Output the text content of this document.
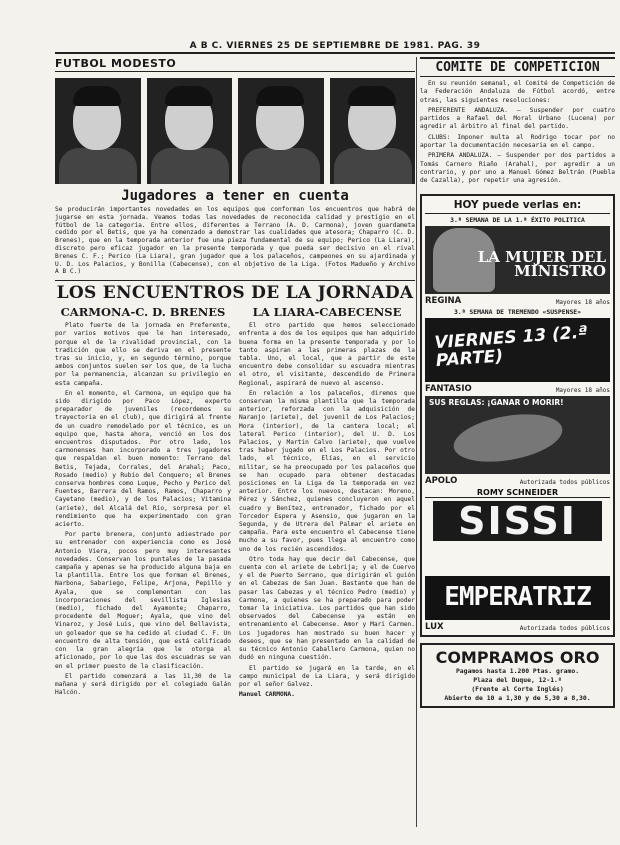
A B C. VIERNES 25 DE SEPTIEMBRE DE 1981. PAG. 39
FUTBOL MODESTO
Jugadores a tener en cuenta
Se producirán importantes novedades en los equipos que conforman los encuentros que habrá de jugarse en esta jornada. Veamos todas las novedades de reconocida calidad y prestigio en el fútbol de la categoría. Entre ellos, diferentes a Terrano (A. D. Carmona), joven guardameta cedido por el Betis, que ya ha comenzado a demostrar las cualidades que atesora; Chaparro (C. D. Brenes), que en la temporada anterior fue una pieza fundamental de su equipo; Perico (La Liara), discreto pero eficaz jugador en la presente temporada y que pueda ser decisivo en el rival Brenes C. F.; Perico (La Liara), gran jugador que a los palaceños, campeones en su ajardinada y U. D. Los Palacios, y Bonilla (Cabecense), con el objetivo de la Liga. (Fotos Madueño y Archivo A B C.)
LOS ENCUENTROS DE LA JORNADA
CARMONA-C. D. BRENES

Plato fuerte de la jornada en Preferente, por varios motivos que le han interesado, porque el de la rivalidad provincial, con la tradición que ello se deriva en el presente tras su inicio, y, en segundo término, porque ambos conjuntos suelen ser los que, de la lucha por la permanencia, alcanzan su privilegio en esta campaña.

En el momento, el Carmona, un equipo que ha sido dirigido por Paco López, experto preparador de juveniles (recordemos su trayectoria en el club), que dirigirá al frente de un cuadro remodelado por el técnico, es un equipo que, hasta ahora, venció en los dos encuentros disputados. Por otro lado, los carmonenses han incorporado a tres jugadores que respaldan el buen momento: Terrano del Betis, Tejada, Corrales, del Arahal; Paco, Rosado (medio) y Rubio del Conquero; el Brenes conserva hombres como Luque, Pecho y Perico del Fuentes, Barrera del Ramos, Ramos, Chaparro y Cayetano (medio), y de los Palacios; Vitamina (ariete), del Alcalá del Río, sorpresa por el rendimiento que ha experimentado con gran acierto.

Por parte brenera, conjunto adiestrado por su entrenador con experiencia como es José Antonio Viera, pocos pero muy interesantes novedades. Conservan los puntales de la pasada campaña y apenas se ha producido alguna baja en la plantilla. Entre los que forman el Brenes, Narbona, Sabariego, Felipe, Arjona, Pepillo y Ayala, que se complementan con las incorporaciones del sevillista Iglesias (medio), fichado del Ayamonte; Chaparro, procedente del Moguer; Ayala, que vino del Vinaroz, y José Luis, que vino del Bellavista, un goleador que se ha cedido al ciudad C. F. Un encuentro de alta tensión, que está calificado con la gran alegría que le otorga al aficionado, por lo que las dos escuadras se van en el primer puesto de la clasificación.

El partido comenzará a las 11,30 de la mañana y será dirigido por el colegiado Galán Halcón.

LA LIARA-CABECENSE

El otro partido que hemos seleccionado enfrenta a dos de los equipos que han adquirido buena forma en la presente temporada y por lo tanto aspiran a las primeras plazas de la tabla. Uno, el local, que a partir de este encuentro debe consolidar su escuadra mientras el otro, el visitante, descendido de Primera Regional, aspirará de nuevo al ascenso.

En relación a los palaceños, diremos que conservan la misma plantilla que la temporada anterior, reforzada con la adquisición de Naranjo (ariete), del juvenil de Los Palacios; Mora (interior), de la cantera local; el lateral Perico (interior), del U. D. Los Palacios, y Martin Calvo (ariete), que vuelve tras haber jugado en el Los Palacios. Por otro lado, el técnico, Elías, en el servicio militar, se ha preocupado por los palaceños que se han ocupado para obtener destacadas posiciones en la Liga de la temporada en vez anterior. Entre los nuevos, destacan: Moreno, Pérez y Sánchez, quienes concluyeron en aquel cuadro y Benítez, entrenador, fichado por el Torcedor Espera y Asensio, que jugaron en la Segunda, y de Utrera del Palmar el ariete en campaña. Para este encuentro el Cabecense tiene mucho a su favor, pues llega al encuentro como uno de los recién ascendidos.

Otro toda hay que decir del Cabecense, que cuenta con el ariete de Lebrija; y el de Cuervo y el de Puerto Serrano, que dirigirán el guión en el Cabezas de San Juan. Bastante que han de pasar las Cabezas y el técnico Pedro (medio) y Carmona, a quienes se ha preparado para poder tomar la iniciativa. Los partidos que han sido observados del Cabecense ya están en entrenamiento el Cabecense. Amor y Mari Carmen. Los jugadores han mostrado su buen hacer y deseos, que se han presentado en la calidad de su técnico Antonio Caballero Carmona, quien no dudó en ninguna cuestión.

El partido se jugará en la tarde, en el campo municipal de La Liara, y será dirigido por el señor Galvez.

Manuel CARMONA.
COMITE DE COMPETICION

En su reunión semanal, el Comité de Competición de la Federación Andaluza de Fútbol acordó, entre otras, las siguientes resoluciones:

PREFERENTE ANDALUZA. — Suspender por cuatro partidos a Rafael del Moral Urbano (Lucena) por agredir al árbitro al final del partido.

CLUBS: Imponer multa al Rodrigo tocar por no aportar la documentación necesaria en el campo.

PRIMERA ANDALUZA. — Suspender por dos partidos a Tomás Carnero Riaño (Arahal), por agredir a un contrario, y por uno a Manuel Gómez Beltrán (Puebla de Cazalla), por repetir una agresión.

HOY puede verlas en:
3.ª SEMANA DE LA 1.ª ÉXITO POLITICA
LA MUJER DEL MINISTRO
REGINA	Mayores 18 años
3.ª SEMANA DE TREMENDO «SUSPENSE»
VIERNES 13 (2.ª PARTE)
FANTASIO	Mayores 18 años
SUS REGLAS: ¡GANAR O MORIR!
APOLO	Autorizada todos públicos
ROMY SCHNEIDER
SISSI
EMPERATRIZ
LUX	Autorizada todos públicos
COMPRAMOS ORO
Pagamos hasta 1.200 Ptas. gramo.
Plaza del Duque, 12-1.º
(Frente al Corte Inglés)
Abierto de 10 a 1,30 y de 5,30 a 8,30.
